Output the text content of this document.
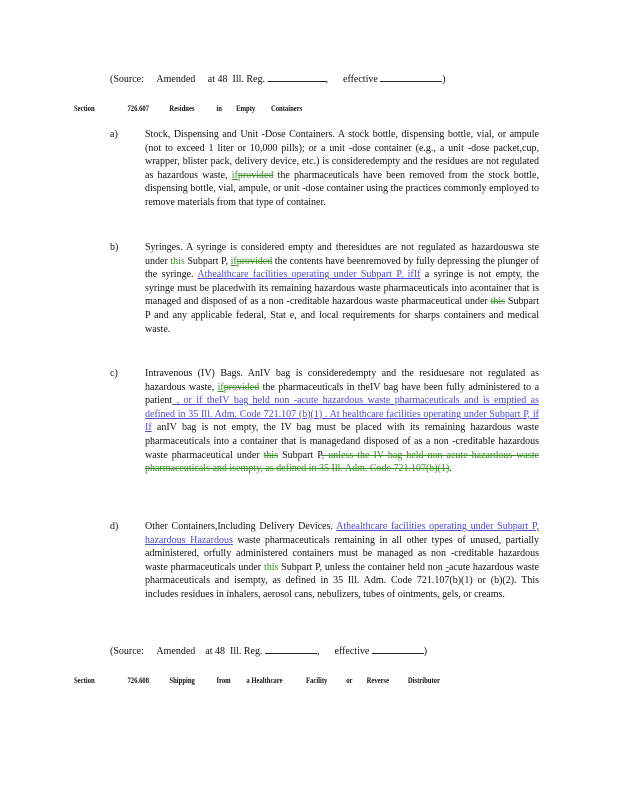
(Source: Amended at 48 Ill. Reg.	,      effective	)
Section	726.607 Residues	in Empty Containers
a)	Stock, Dispensing and Unit -Dose Containers. A stock bottle, dispensing bottle, vial, or ampule (not to exceed 1 liter or 10,000 pills); or a unit -dose container (e.g., a unit -dose packet,cup, wrapper, blister pack, delivery device, etc.) is consideredempty and the residues are not regulated as hazardous waste, ifprovided the pharmaceuticals have been removed from the stock bottle, dispensing bottle, vial, ampule, or unit -dose container using the practices commonly employed to remove materials from that type of container.
b)	Syringes. A syringe is considered empty and theresidues are not regulated as hazardouswa ste under this Subpart P, ifprovided the contents have beenremoved by fully depressing the plunger of the syringe. Athealthcare facilities operating under Subpart P, ifIf a syringe is not empty, the syringe must be placedwith its remaining hazardous waste pharmaceuticals into acontainer that is managed and disposed of as a non -creditable hazardous waste pharmaceutical under this Subpart P and any applicable federal, Stat e, and local requirements for sharps containers and medical waste.
c)	Intravenous (IV) Bags. AnIV bag is consideredempty and the residuesare not regulated as hazardous waste, ifprovided the pharmaceuticals in theIV bag have been fully administered to a patient , or if theIV bag held non -acute hazardous waste pharmaceuticals and is emptied as defined in 35 Ill. Adm. Code 721.107 (b)(1) . At healthcare facilities operating under Subpart P, if If anIV bag is not empty, the IV bag must be placed with its remaining hazardous waste pharmaceuticals into a container that is managedand disposed of as a non -creditable hazardous waste pharmaceutical under this Subpart P, unless the IV bag held non acute hazardous waste pharmaceuticals and isempty, as defined in 35 Ill. Adm. Code 721.107(b)(1).
d)	Other Containers,Including Delivery Devices. Athealthcare facilities operating under Subpart P, hazardous Hazardous waste pharmaceuticals remaining in all other types of unused, partially administered, orfully administered containers must be managed as non -creditable hazardous waste pharmaceuticals under this Subpart P, unless the container held non -acute hazardous waste pharmaceuticals and isempty, as defined in 35 Ill. Adm. Code 721.107(b)(1) or (b)(2). This includes residues in inhalers, aerosol cans, nebulizers, tubes of ointments, gels, or creams.
(Source: Amended at 48 Ill. Reg.	,      effective	)
Section	726.608 Shipping	from a Healthcare	Facility or Reverse Distributor
